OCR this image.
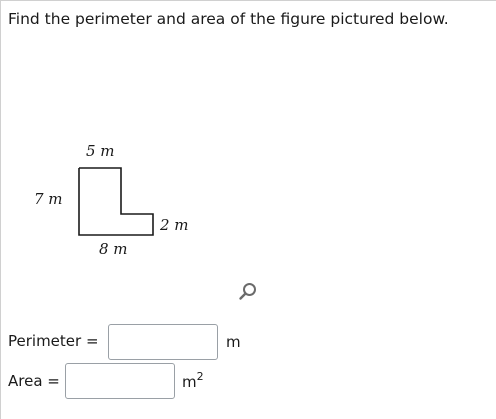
Find the perimeter and area of the figure pictured below.
5 m
7 m
2 m
8 m
Perimeter =	m
Area =	$m^2$
